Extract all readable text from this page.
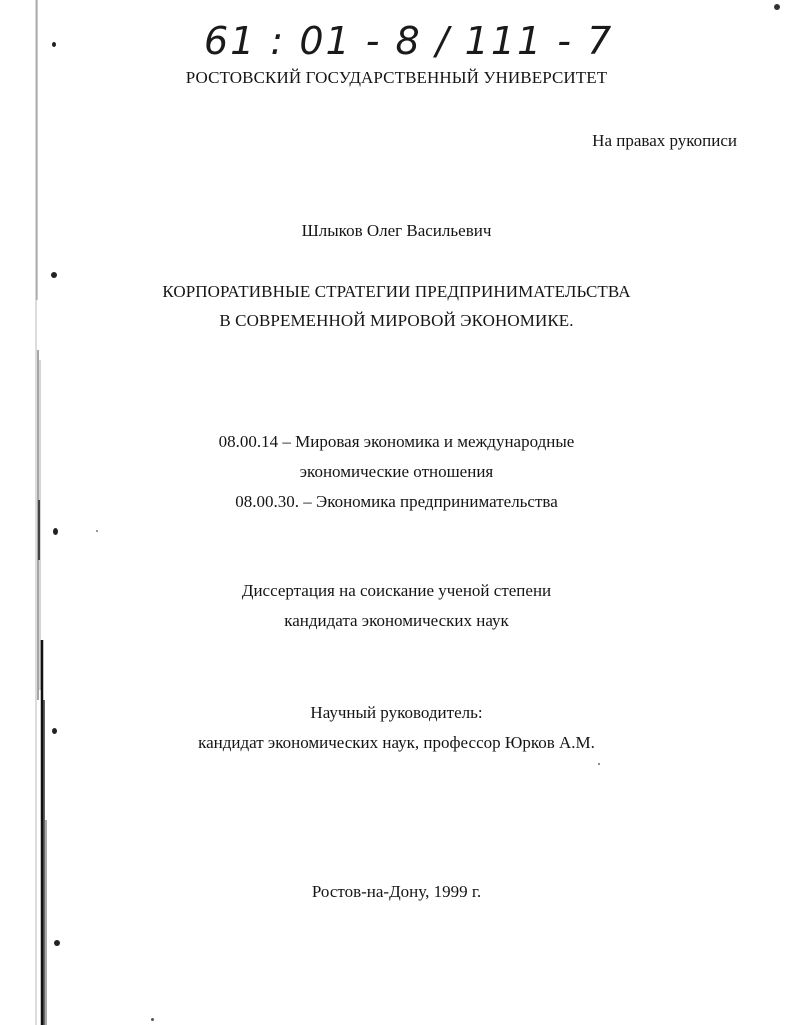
61 : 01 - 8 / 111 - 7
РОСТОВСКИЙ ГОСУДАРСТВЕННЫЙ УНИВЕРСИТЕТ
На правах рукописи
Шлыков Олег Васильевич
КОРПОРАТИВНЫЕ СТРАТЕГИИ ПРЕДПРИНИМАТЕЛЬСТВА
В СОВРЕМЕННОЙ МИРОВОЙ ЭКОНОМИКЕ.
08.00.14 – Мировая экономика и международные
экономические отношения
08.00.30. – Экономика предпринимательства
Диссертация на соискание ученой степени
кандидата экономических наук
Научный руководитель:
кандидат экономических наук, профессор Юрков А.М.
Ростов-на-Дону, 1999 г.
